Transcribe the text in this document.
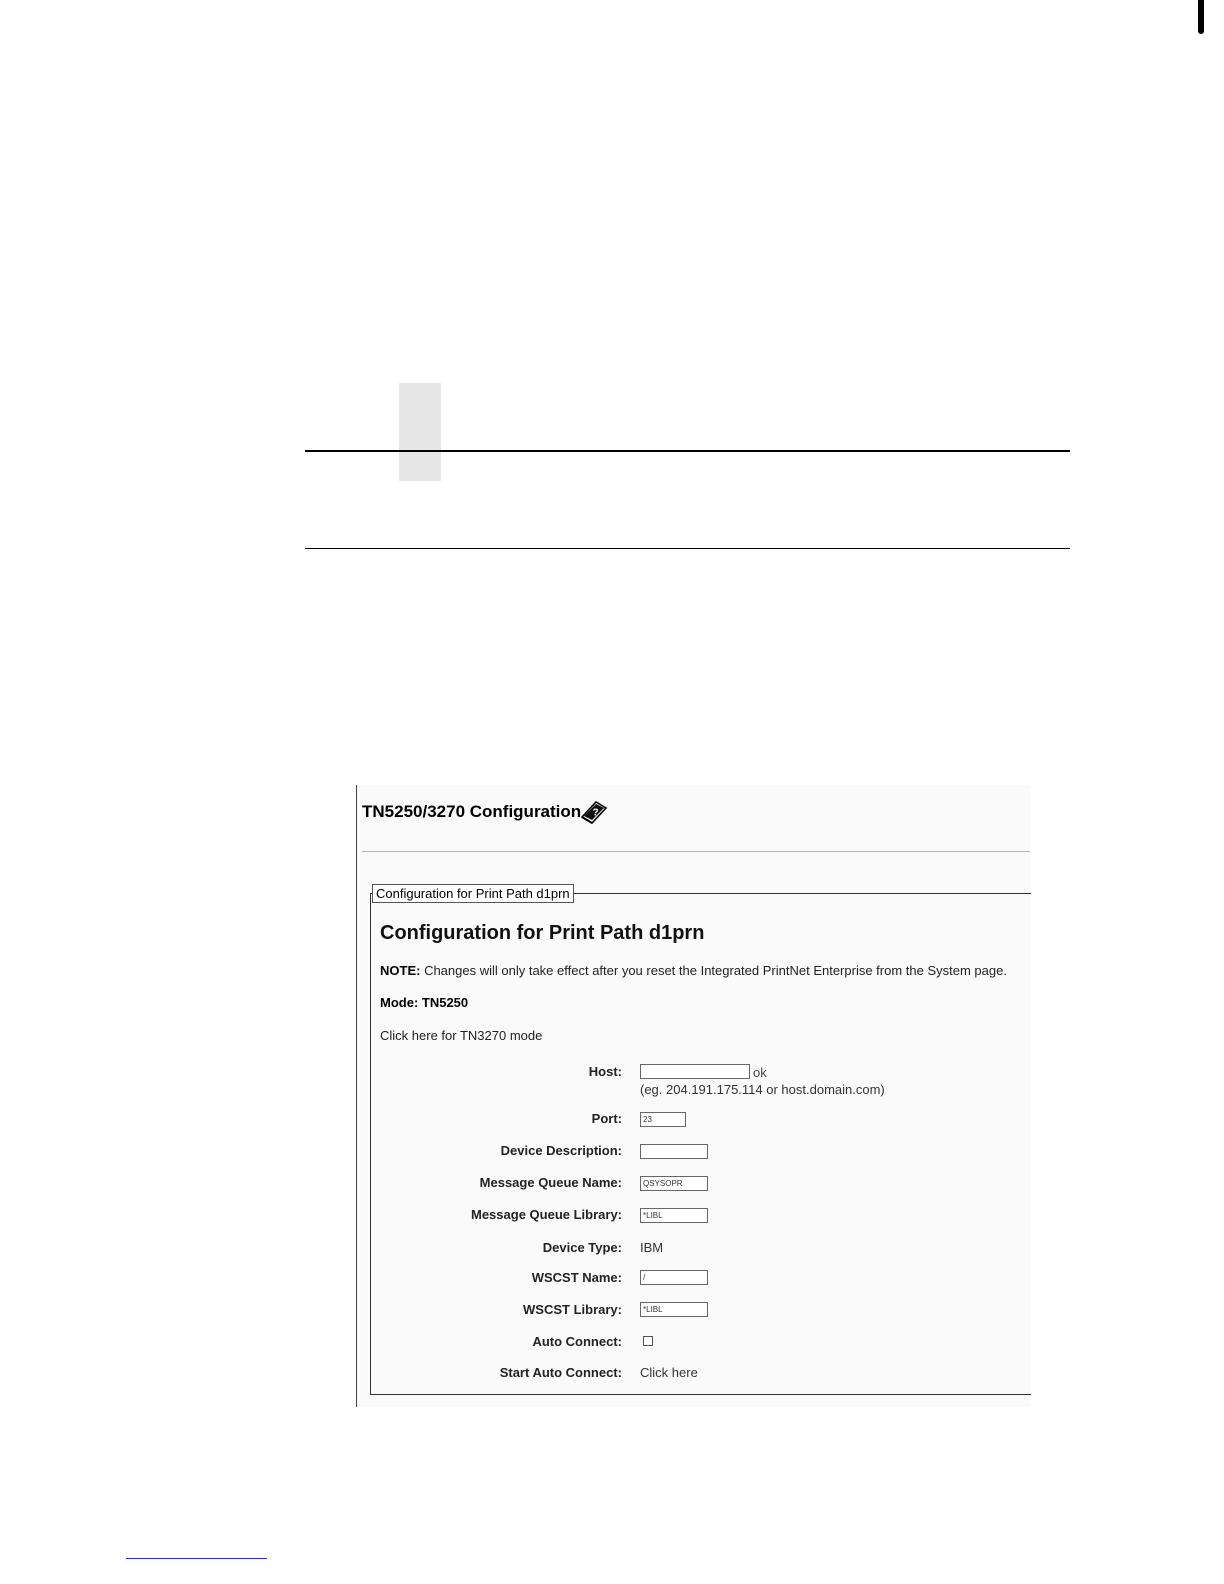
TN5250/3270 Configuration ?
Configuration for Print Path d1prn
Configuration for Print Path d1prn
NOTE: Changes will only take effect after you reset the Integrated PrintNet Enterprise from the System page.
Mode: TN5250
Click here for TN3270 mode
Host:	ok
(eg. 204.191.175.114 or host.domain.com)
Port:	23
Device Description:
Message Queue Name:	QSYSOPR
Message Queue Library:	*LIBL
Device Type: IBM
WSCST Name:	/
WSCST Library:	*LIBL
Auto Connect:
Start Auto Connect: Click here
